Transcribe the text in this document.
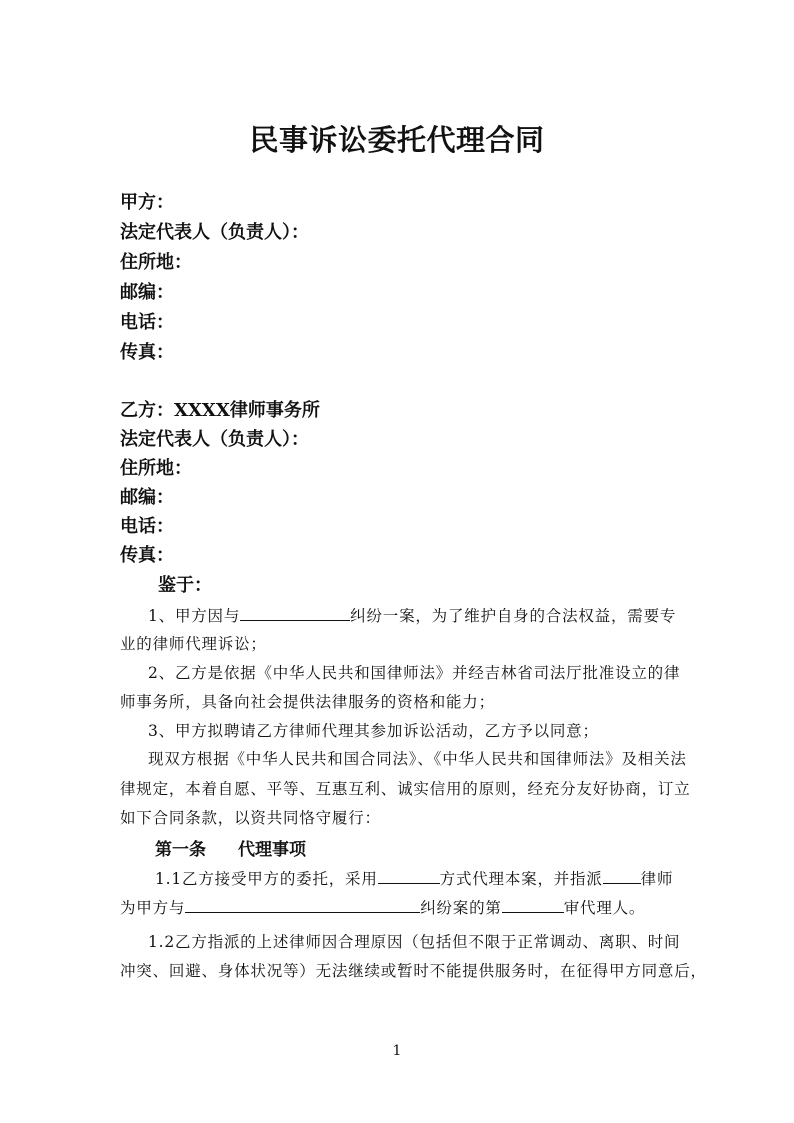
民事诉讼委托代理合同
甲方：
法定代表人（负责人）：
住所地：
邮编：
电话：
传真：
乙方：XXXX律师事务所
法定代表人（负责人）：
住所地：
邮编：
电话：
传真：
鉴于：
1、甲方因与	纠纷一案，为了维护自身的合法权益，需要专
业的律师代理诉讼；
2、乙方是依据《中华人民共和国律师法》并经吉林省司法厅批准设立的律
师事务所，具备向社会提供法律服务的资格和能力；
3、甲方拟聘请乙方律师代理其参加诉讼活动，乙方予以同意；
现双方根据《中华人民共和国合同法》、《中华人民共和国律师法》及相关法
律规定，本着自愿、平等、互惠互利、诚实信用的原则，经充分友好协商，订立
如下合同条款，以资共同恪守履行：
第一条 代理事项
1.1乙方接受甲方的委托，采用	方式代理本案，并指派 律师
为甲方与	纠纷案的第	审代理人。
1.2乙方指派的上述律师因合理原因（包括但不限于正常调动、离职、时间
冲突、回避、身体状况等）无法继续或暂时不能提供服务时，在征得甲方同意后，
1
